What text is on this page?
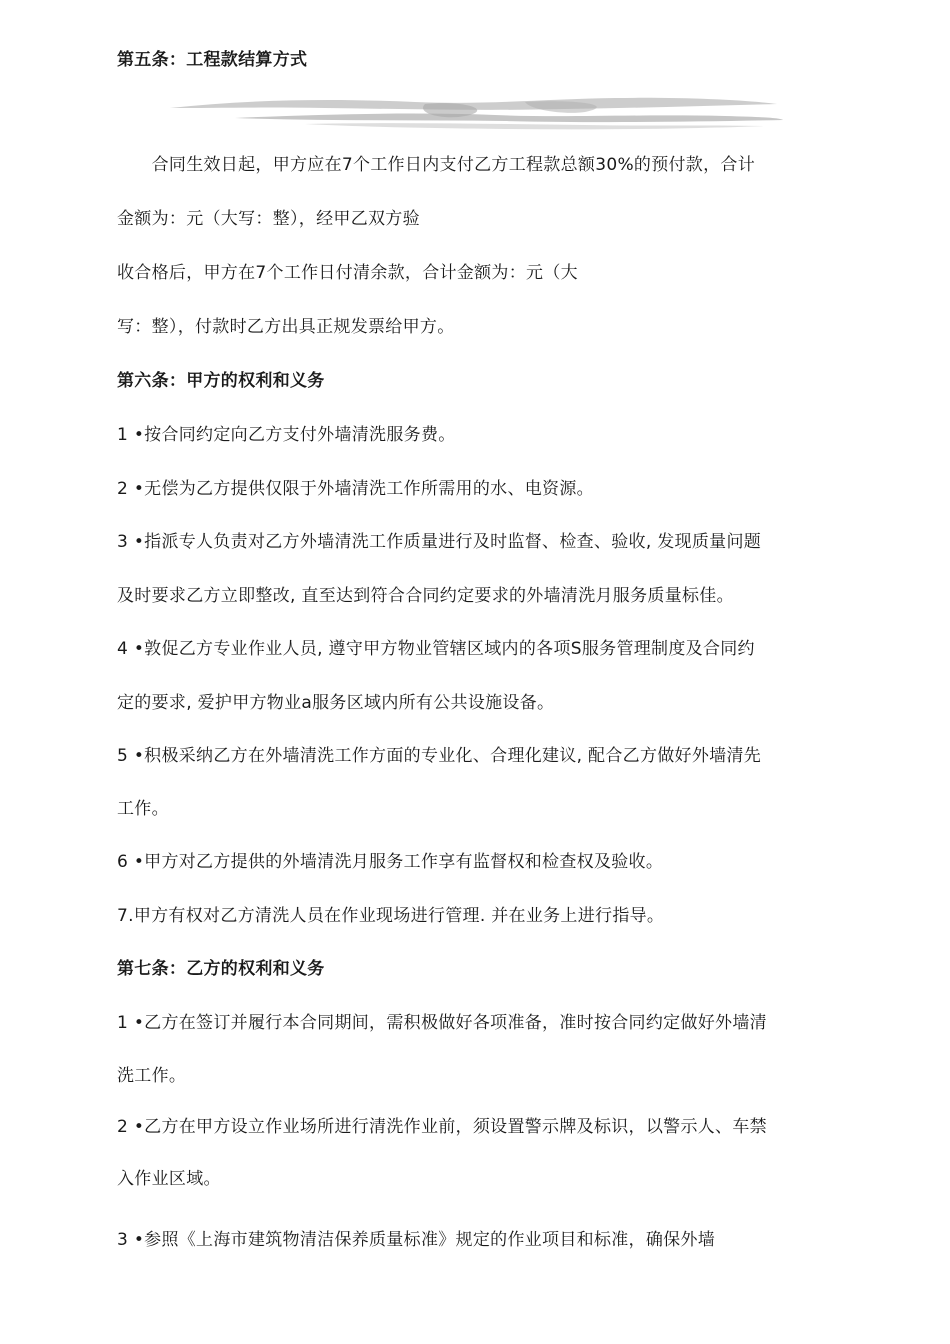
第五条：工程款结算方式
　　合同生效日起，甲方应在7个工作日内支付乙方工程款总额30%的预付款，合计
金额为：元（大写：整），经甲乙双方验
收合格后，甲方在7个工作日付清余款，合计金额为：元（大
写：整），付款时乙方出具正规发票给甲方。
第六条：甲方的权利和义务
1 •按合同约定向乙方支付外墙清洗服务费。
2 •无偿为乙方提供仅限于外墙清洗工作所需用的水、电资源。
3 •指派专人负责对乙方外墙清洗工作质量进行及时监督、检查、验收, 发现质量问题
及时要求乙方立即整改, 直至达到符合合同约定要求的外墙清洗月服务质量标佳。
4 •敦促乙方专业作业人员, 遵守甲方物业管辖区域内的各项S服务管理制度及合同约
定的要求, 爱护甲方物业a服务区域内所有公共设施设备。
5 •积极采纳乙方在外墙清洗工作方面的专业化、合理化建议, 配合乙方做好外墙清先
工作。
6 •甲方对乙方提供的外墙清洗月服务工作享有监督权和检查权及验收。
7.甲方有权对乙方清洗人员在作业现场进行管理. 并在业务上进行指导。
第七条：乙方的权利和义务
1 •乙方在签订并履行本合同期间，需积极做好各项准备，准时按合同约定做好外墙清
洗工作。
2 •乙方在甲方设立作业场所进行清洗作业前，须设置警示牌及标识，以警示人、车禁
入作业区域。
3 •参照《上海市建筑物清洁保养质量标准》规定的作业项目和标准，确保外墙
